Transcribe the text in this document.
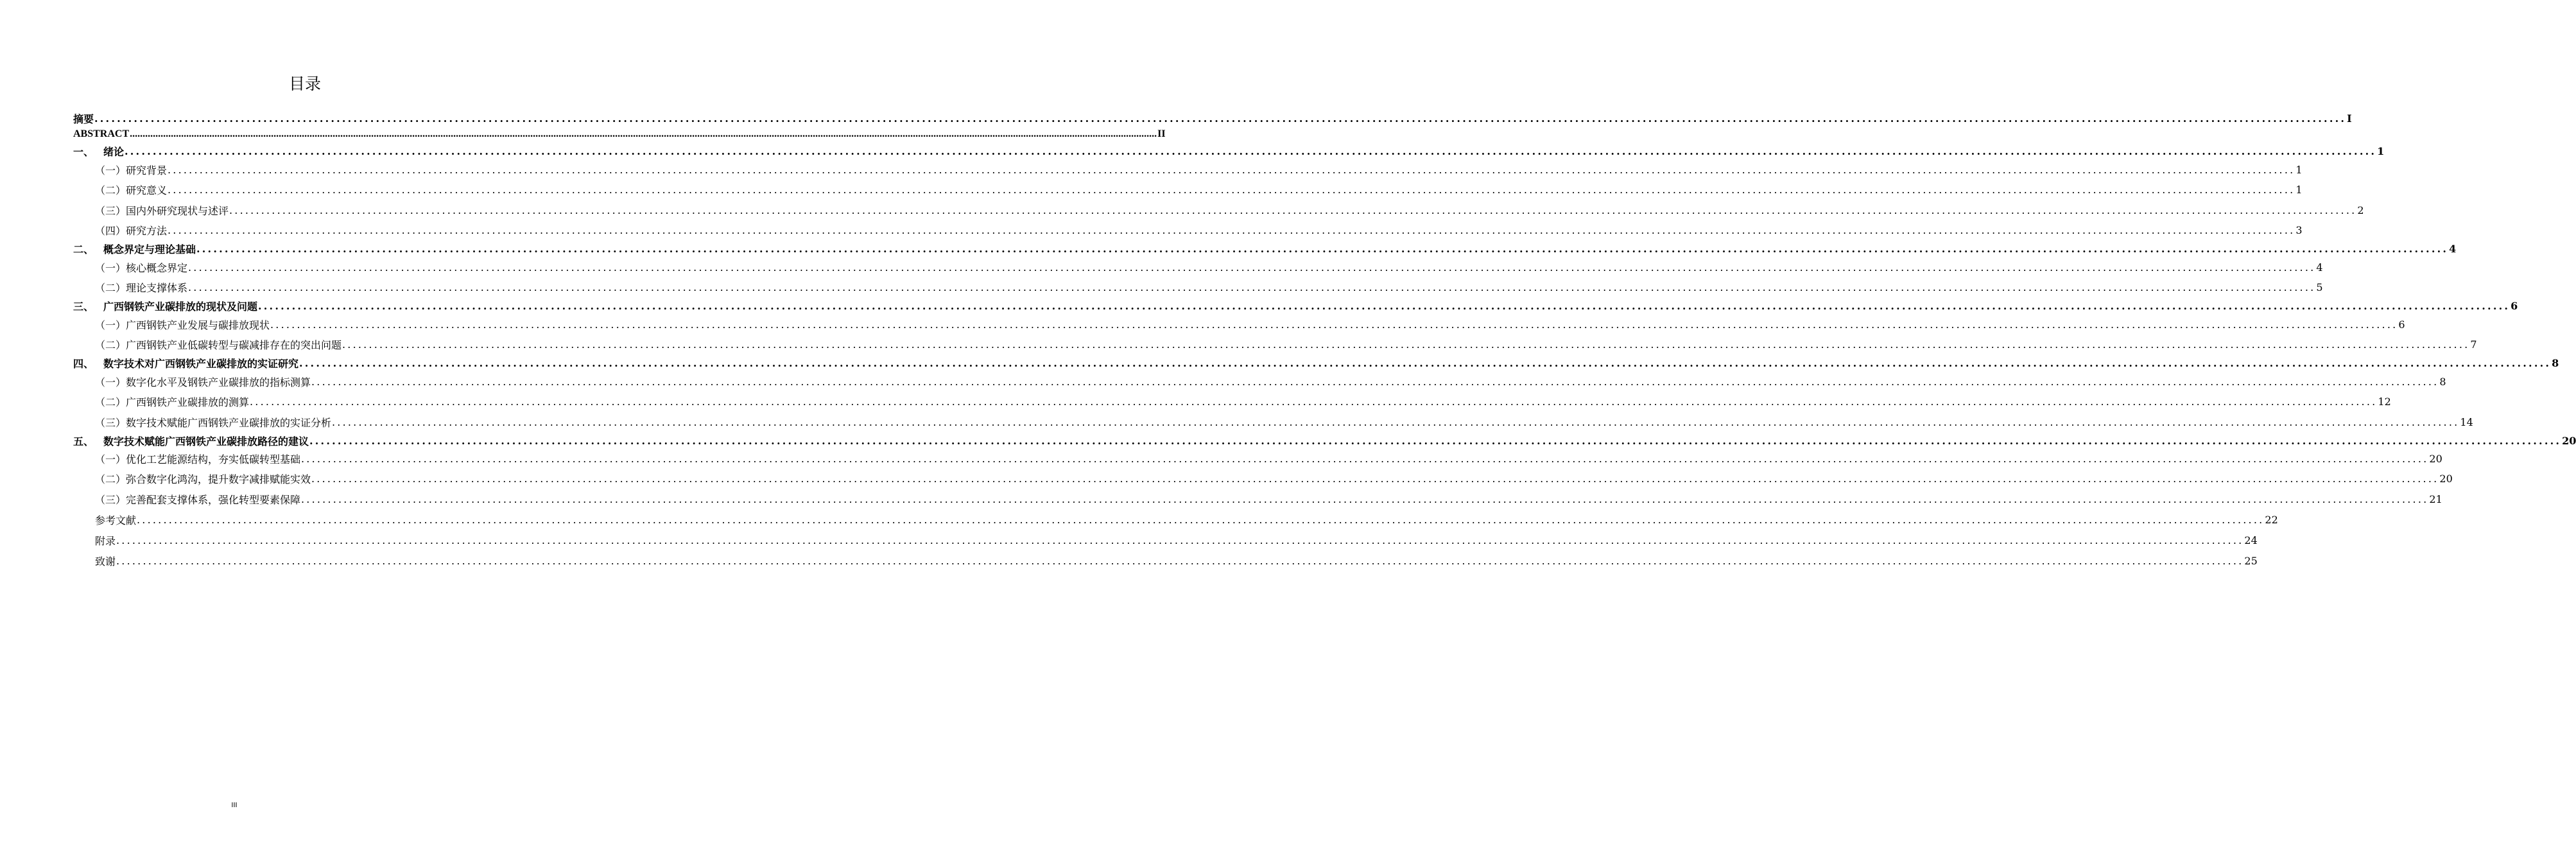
目录
摘要 ................................................................................................................................................................................................................................................................................................................................................................................................................ I
ABSTRACT ................................................................................................................................................................................................................................................................................................................................................................................................................ II
一、 绪论 ................................................................................................................................................................................................................................................................................................................................................................................................................ 1
（一）研究背景 ................................................................................................................................................................................................................................................................................................................................................................................................................ 1
（二）研究意义 ................................................................................................................................................................................................................................................................................................................................................................................................................ 1
（三）国内外研究现状与述评 ................................................................................................................................................................................................................................................................................................................................................................................................................ 2
（四）研究方法 ................................................................................................................................................................................................................................................................................................................................................................................................................ 3
二、 概念界定与理论基础 ................................................................................................................................................................................................................................................................................................................................................................................................................ 4
（一）核心概念界定 ................................................................................................................................................................................................................................................................................................................................................................................................................ 4
（二）理论支撑体系 ................................................................................................................................................................................................................................................................................................................................................................................................................ 5
三、 广西钢铁产业碳排放的现状及问题 ................................................................................................................................................................................................................................................................................................................................................................................................................ 6
（一）广西钢铁产业发展与碳排放现状 ................................................................................................................................................................................................................................................................................................................................................................................................................ 6
（二）广西钢铁产业低碳转型与碳减排存在的突出问题 ................................................................................................................................................................................................................................................................................................................................................................................................................ 7
四、 数字技术对广西钢铁产业碳排放的实证研究 ................................................................................................................................................................................................................................................................................................................................................................................................................ 8
（一）数字化水平及钢铁产业碳排放的指标测算 ................................................................................................................................................................................................................................................................................................................................................................................................................ 8
（二）广西钢铁产业碳排放的测算 ................................................................................................................................................................................................................................................................................................................................................................................................................ 12
（三）数字技术赋能广西钢铁产业碳排放的实证分析 ................................................................................................................................................................................................................................................................................................................................................................................................................ 14
五、 数字技术赋能广西钢铁产业碳排放路径的建议 ................................................................................................................................................................................................................................................................................................................................................................................................................ 20
（一）优化工艺能源结构，夯实低碳转型基础 ................................................................................................................................................................................................................................................................................................................................................................................................................ 20
（二）弥合数字化鸿沟，提升数字减排赋能实效 ................................................................................................................................................................................................................................................................................................................................................................................................................ 20
（三）完善配套支撑体系，强化转型要素保障 ................................................................................................................................................................................................................................................................................................................................................................................................................ 21
参考文献 ................................................................................................................................................................................................................................................................................................................................................................................................................ 22
附录 ................................................................................................................................................................................................................................................................................................................................................................................................................ 24
致谢 ................................................................................................................................................................................................................................................................................................................................................................................................................ 25
III
